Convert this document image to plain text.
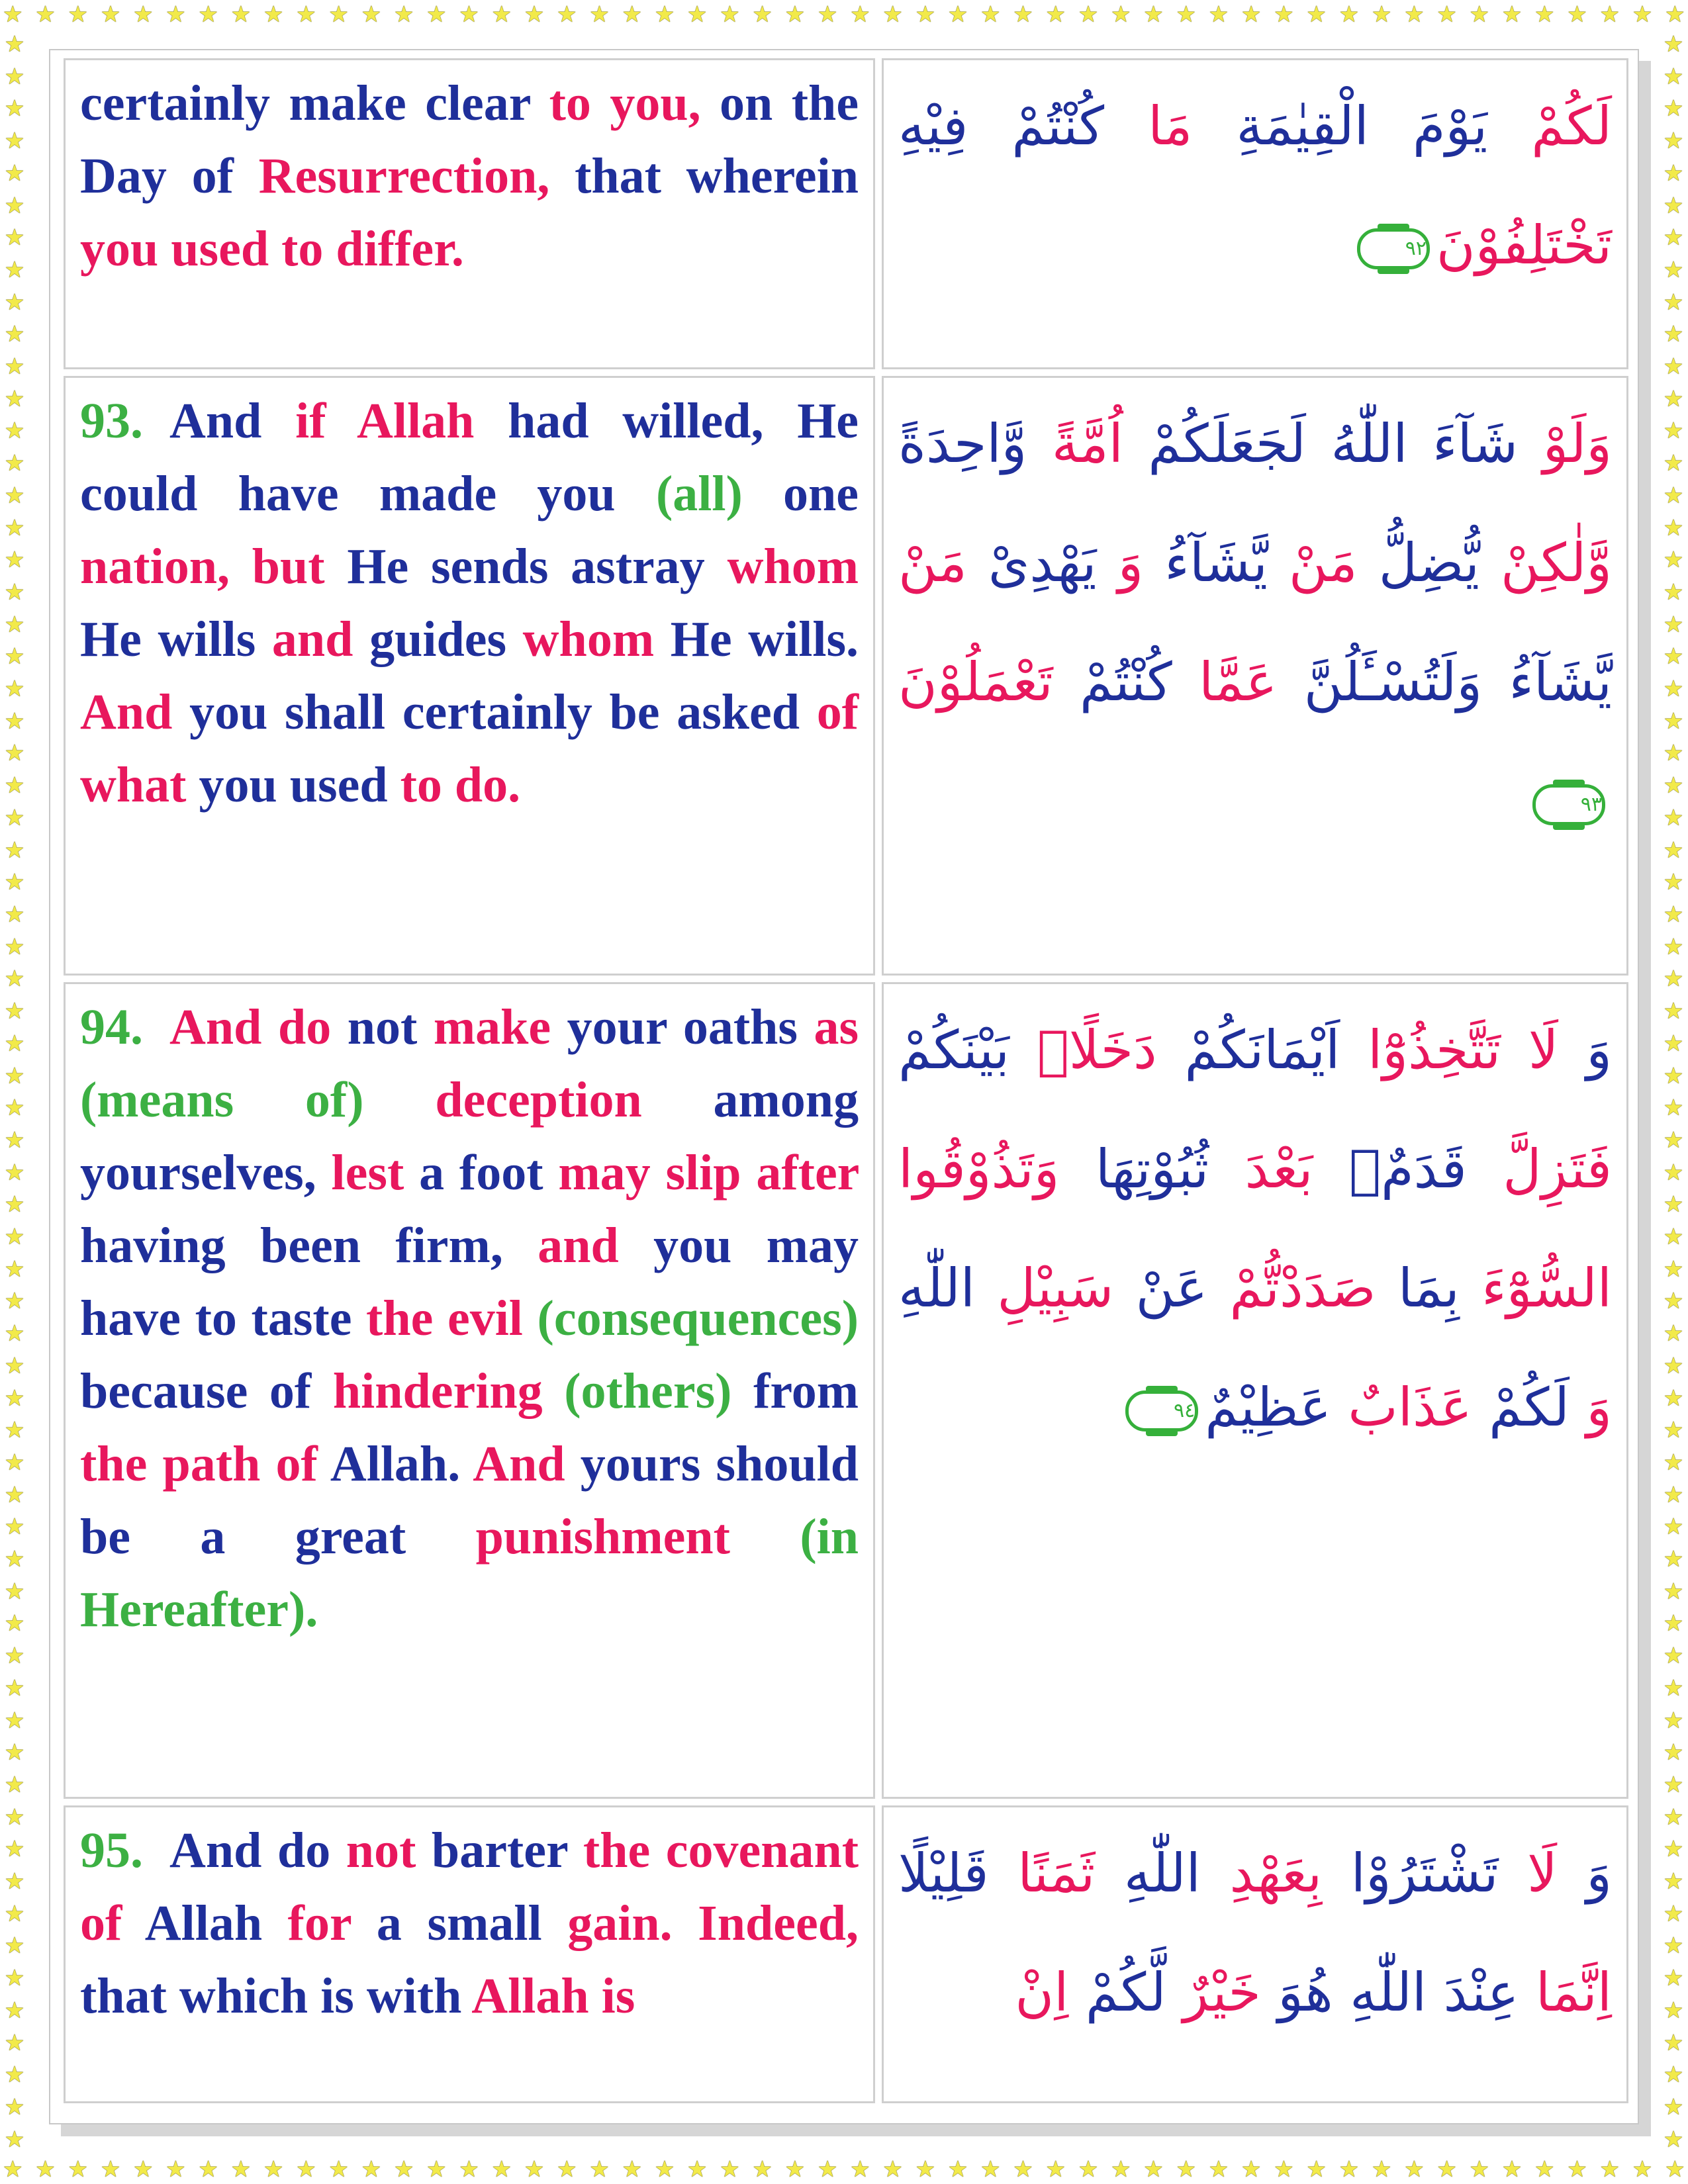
★ ★ ★ ★ ★ ★ ★ ★ ★ ★ ★ ★ ★ ★ ★ ★ ★ ★ ★ ★ ★ ★ ★ ★ ★ ★ ★ ★ ★ ★ ★ ★ ★ ★ ★ ★ ★ ★ ★ ★ ★ ★ ★ ★ ★ ★ ★ ★ ★ ★ ★ ★
★ ★ ★ ★ ★ ★ ★ ★ ★ ★ ★ ★ ★ ★ ★ ★ ★ ★ ★ ★ ★ ★ ★ ★ ★ ★ ★ ★ ★ ★ ★ ★ ★ ★ ★ ★ ★ ★ ★ ★ ★ ★ ★ ★ ★ ★ ★ ★ ★ ★ ★ ★
★
★
★
★
★
★
★
★
★
★
★
★
★
★
★
★
★
★
★
★
★
★
★
★
★
★
★
★
★
★
★
★
★
★
★
★
★
★
★
★
★
★
★
★
★
★
★
★
★
★
★
★
★
★
★
★
★
★
★
★
★
★
★
★
★
★
★
★
★
★
★
★
★
★
★
★
★
★
★
★
★
★
★
★
★
★
★
★
★
★
★
★
★
★
★
★
★
★
★
★
★
★
★
★
★
★
★
★
★
★
★
★
★
★
★
★
★
★
★
★
★
★
★
★
★
★
★
★
★
★
★
★
certainly make clear to you, on the Day of Resurrection, that wherein you used to differ.	لَكُمْ يَوْمَ الْقِيٰمَةِ مَا كُنْتُمْ فِيْهِ تَخْتَلِفُوْنَ
٩٢

93. And if Allah had willed, He could have made you (all) one nation, but He sends astray whom He wills and guides whom He wills. And you shall certainly be asked of what you used to do.	وَلَوْ شَآءَ اللّٰهُ لَجَعَلَكُمْ اُمَّةً وَّاحِدَةً وَّلٰكِنْ يُّضِلُّ مَنْ يَّشَآءُ وَ يَهْدِىْ مَنْ يَّشَآءُ وَلَتُسْـَٔلُنَّ عَمَّا كُنْتُمْ تَعْمَلُوْنَ
٩٣

94. And do not make your oaths as (means of) deception among yourselves, lest a foot may slip after having been firm, and you may have to taste the evil (consequences) because of hindering (others) from the path of Allah. And yours should be a great punishment (in Hereafter).	وَ لَا تَتَّخِذُوْٓا اَيْمَانَكُمْ دَخَلًاۢ بَيْنَكُمْ فَتَزِلَّ قَدَمٌۢ بَعْدَ ثُبُوْتِهَا وَتَذُوْقُوا السُّوْٓءَ بِمَا صَدَدْتُّمْ عَنْ سَبِيْلِ اللّٰهِ وَ لَكُمْ عَذَابٌ عَظِيْمٌ
٩٤

95. And do not barter the covenant of Allah for a small gain. Indeed, that which is with Allah is	وَ لَا تَشْتَرُوْا بِعَهْدِ اللّٰهِ ثَمَنًا قَلِيْلًا اِنَّمَا عِنْدَ اللّٰهِ هُوَ خَيْرٌ لَّكُمْ اِنْ
